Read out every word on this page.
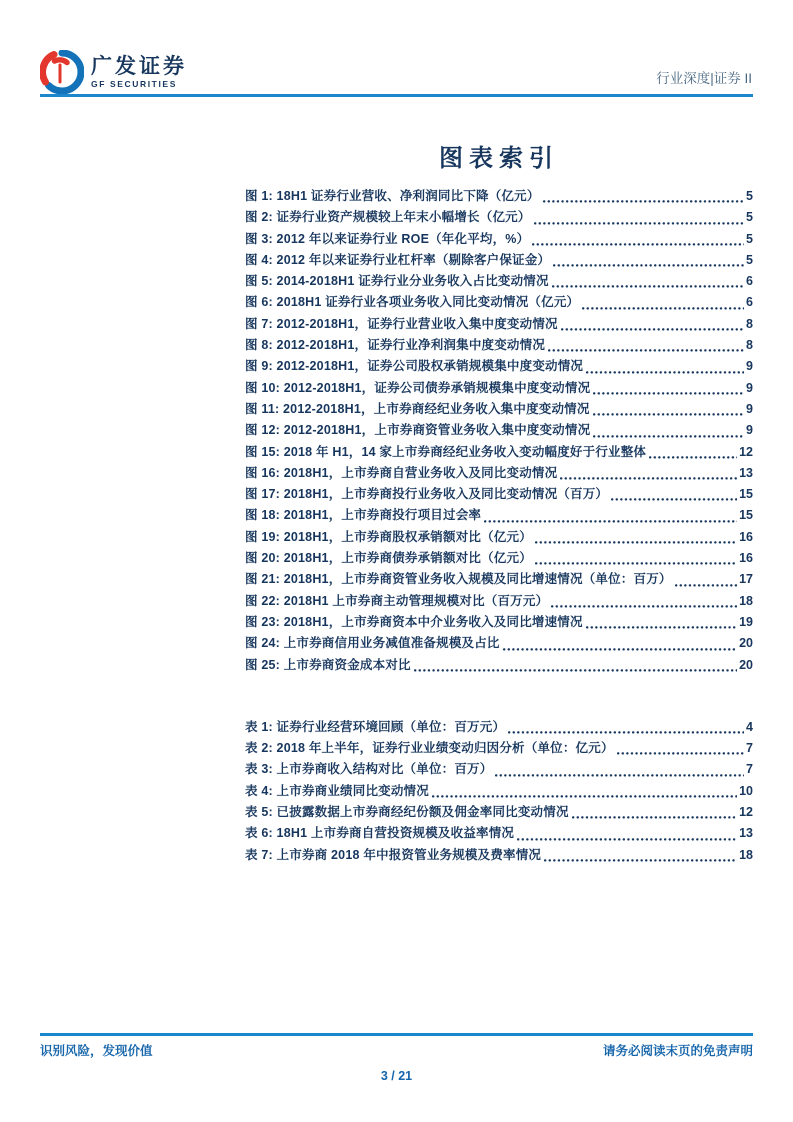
广发证券
GF SECURITIES	行业深度|证券 II
图表索引
图 1: 18H1 证券行业营收、净利润同比下降（亿元）	5
图 2: 证券行业资产规模较上年末小幅增长（亿元）	5
图 3: 2012 年以来证券行业 ROE（年化平均，%）	5
图 4: 2012 年以来证券行业杠杆率（剔除客户保证金）	5
图 5: 2014-2018H1 证券行业分业务收入占比变动情况	6
图 6: 2018H1 证券行业各项业务收入同比变动情况（亿元）	6
图 7: 2012-2018H1，证券行业营业收入集中度变动情况	8
图 8: 2012-2018H1，证券行业净利润集中度变动情况	8
图 9: 2012-2018H1，证券公司股权承销规模集中度变动情况	9
图 10: 2012-2018H1，证券公司债券承销规模集中度变动情况	9
图 11: 2012-2018H1，上市券商经纪业务收入集中度变动情况	9
图 12: 2012-2018H1，上市券商资管业务收入集中度变动情况	9
图 15: 2018 年 H1，14 家上市券商经纪业务收入变动幅度好于行业整体	12
图 16: 2018H1，上市券商自营业务收入及同比变动情况	13
图 17: 2018H1，上市券商投行业务收入及同比变动情况（百万）	15
图 18: 2018H1，上市券商投行项目过会率	15
图 19: 2018H1，上市券商股权承销额对比（亿元）	16
图 20: 2018H1，上市券商债券承销额对比（亿元）	16
图 21: 2018H1，上市券商资管业务收入规模及同比增速情况（单位：百万）	17
图 22: 2018H1 上市券商主动管理规模对比（百万元）	18
图 23: 2018H1，上市券商资本中介业务收入及同比增速情况	19
图 24: 上市券商信用业务减值准备规模及占比	20
图 25: 上市券商资金成本对比	20
表 1: 证券行业经营环境回顾（单位：百万元）	4
表 2: 2018 年上半年，证券行业业绩变动归因分析（单位：亿元）	7
表 3: 上市券商收入结构对比（单位：百万）	7
表 4: 上市券商业绩同比变动情况	10
表 5: 已披露数据上市券商经纪份额及佣金率同比变动情况	12
表 6: 18H1 上市券商自营投资规模及收益率情况	13
表 7: 上市券商 2018 年中报资管业务规模及费率情况	18
识别风险，发现价值	请务必阅读末页的免责声明
3 / 21
